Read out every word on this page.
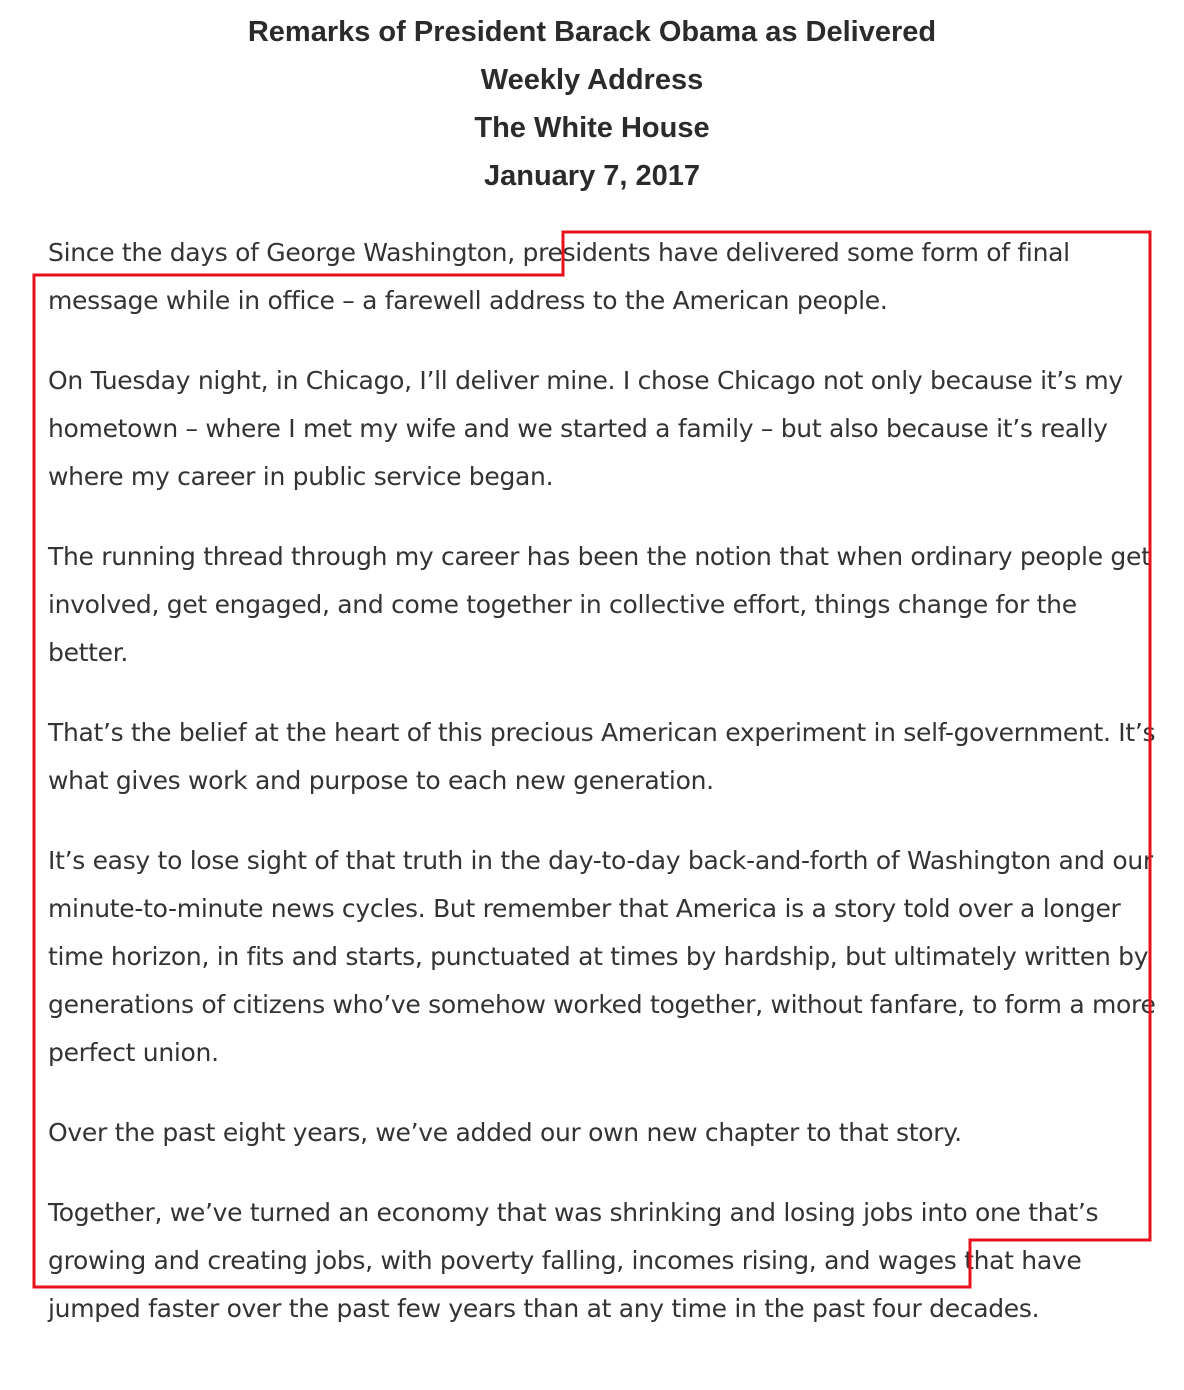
Remarks of President Barack Obama as Delivered
Weekly Address
The White House
January 7, 2017

Since the days of George Washington, presidents have delivered some form of final message while in office – a farewell address to the American people.

On Tuesday night, in Chicago, I’ll deliver mine. I chose Chicago not only because it’s my hometown – where I met my wife and we started a family – but also because it’s really where my career in public service began.

The running thread through my career has been the notion that when ordinary people get involved, get engaged, and come together in collective effort, things change for the better.

That’s the belief at the heart of this precious American experiment in self-government. It’s what gives work and purpose to each new generation.

It’s easy to lose sight of that truth in the day-to-day back-and-forth of Washington and our minute-to-minute news cycles. But remember that America is a story told over a longer time horizon, in fits and starts, punctuated at times by hardship, but ultimately written by generations of citizens who’ve somehow worked together, without fanfare, to form a more perfect union.

Over the past eight years, we’ve added our own new chapter to that story.

Together, we’ve turned an economy that was shrinking and losing jobs into one that’s growing and creating jobs, with poverty falling, incomes rising, and wages that have jumped faster over the past few years than at any time in the past four decades.
